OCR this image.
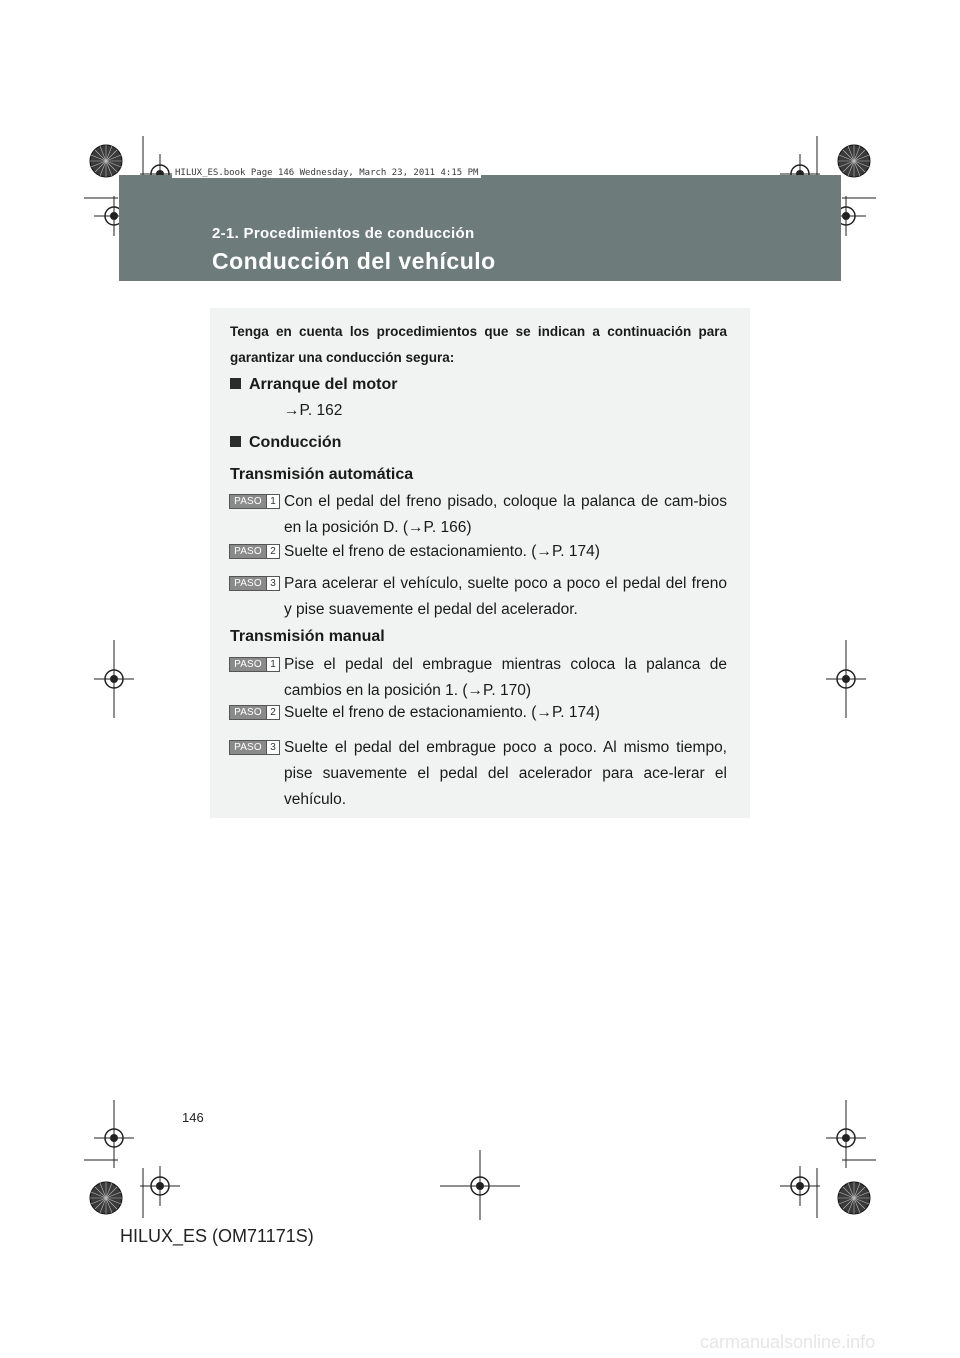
HILUX_ES.book Page 146 Wednesday, March 23, 2011 4:15 PM
2-1. Procedimientos de conducción
Conducción del vehículo
Tenga en cuenta los procedimientos que se indican a continuación para garantizar una conducción segura:
Arranque del motor
→P. 162
Conducción
Transmisión automática
PASO 1 Con el pedal del freno pisado, coloque la palanca de cam-bios en la posición D. (→P. 166)
PASO 2 Suelte el freno de estacionamiento. (→P. 174)
PASO 3 Para acelerar el vehículo, suelte poco a poco el pedal del freno y pise suavemente el pedal del acelerador.
Transmisión manual
PASO 1 Pise el pedal del embrague mientras coloca la palanca de cambios en la posición 1. (→P. 170)
PASO 2 Suelte el freno de estacionamiento. (→P. 174)
PASO 3 Suelte el pedal del embrague poco a poco. Al mismo tiempo, pise suavemente el pedal del acelerador para ace-lerar el vehículo.
146
HILUX_ES (OM71171S)
carmanualsonline.info
